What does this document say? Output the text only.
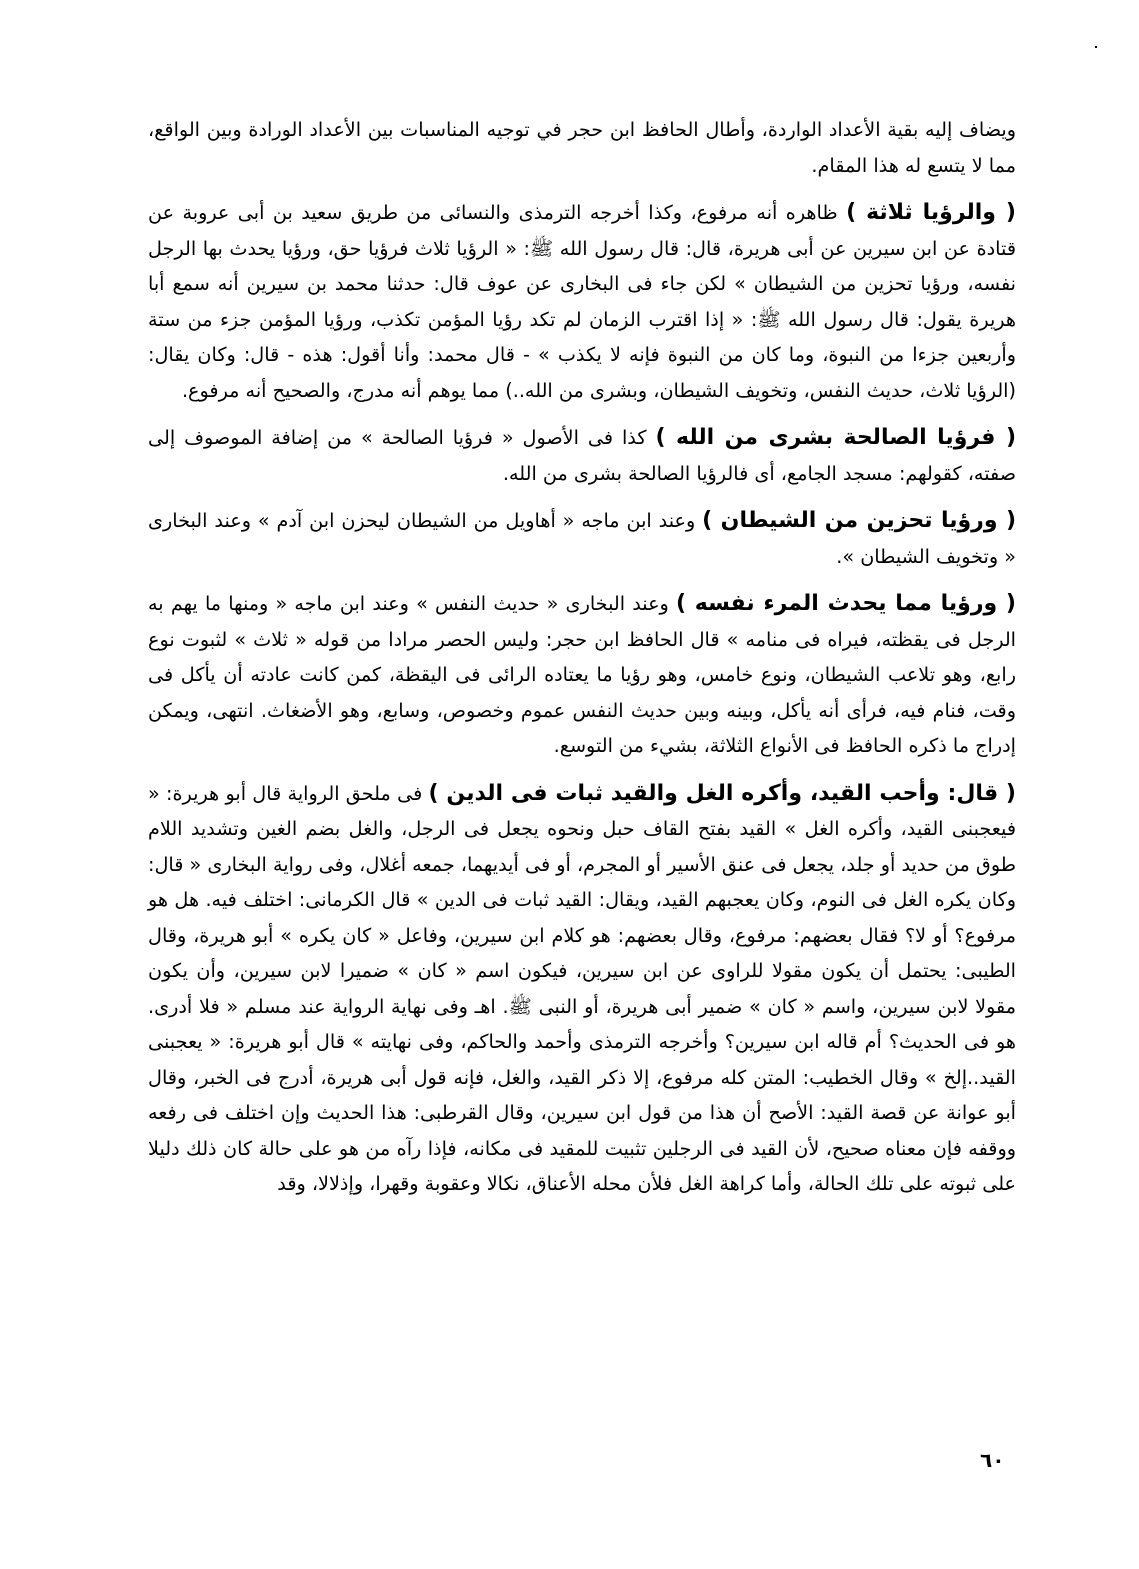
ويضاف إليه بقية الأعداد الواردة، وأطال الحافظ ابن حجر في توجيه المناسبات بين الأعداد الورادة وبين الواقع، مما لا يتسع له هذا المقام.

( والرؤيا ثلاثة ) ظاهره أنه مرفوع، وكذا أخرجه الترمذى والنسائى من طريق سعيد بن أبى عروبة عن قتادة عن ابن سيرين عن أبى هريرة، قال: قال رسول الله ﷺ: « الرؤيا ثلاث فرؤيا حق، ورؤيا يحدث بها الرجل نفسه، ورؤيا تحزين من الشيطان » لكن جاء فى البخارى عن عوف قال: حدثنا محمد بن سيرين أنه سمع أبا هريرة يقول: قال رسول الله ﷺ: « إذا اقترب الزمان لم تكد رؤيا المؤمن تكذب، ورؤيا المؤمن جزء من ستة وأربعين جزءا من النبوة، وما كان من النبوة فإنه لا يكذب » - قال محمد: وأنا أقول: هذه - قال: وكان يقال: (الرؤيا ثلاث، حديث النفس، وتخويف الشيطان، وبشرى من الله..) مما يوهم أنه مدرج، والصحيح أنه مرفوع.

( فرؤيا الصالحة بشرى من الله ) كذا فى الأصول « فرؤيا الصالحة » من إضافة الموصوف إلى صفته، كقولهم: مسجد الجامع، أى فالرؤيا الصالحة بشرى من الله.

( ورؤيا تحزين من الشيطان ) وعند ابن ماجه « أهاويل من الشيطان ليحزن ابن آدم » وعند البخارى « وتخويف الشيطان ».

( ورؤيا مما يحدث المرء نفسه ) وعند البخارى « حديث النفس » وعند ابن ماجه « ومنها ما يهم به الرجل فى يقظته، فيراه فى منامه » قال الحافظ ابن حجر: وليس الحصر مرادا من قوله « ثلاث » لثبوت نوع رابع، وهو تلاعب الشيطان، ونوع خامس، وهو رؤيا ما يعتاده الرائى فى اليقظة، كمن كانت عادته أن يأكل فى وقت، فنام فيه، فرأى أنه يأكل، وبينه وبين حديث النفس عموم وخصوص، وسابع، وهو الأضغاث. انتهى، ويمكن إدراج ما ذكره الحافظ فى الأنواع الثلاثة، بشيء من التوسع.

( قال: وأحب القيد، وأكره الغل والقيد ثبات فى الدين ) فى ملحق الرواية قال أبو هريرة: « فيعجبنى القيد، وأكره الغل » القيد بفتح القاف حبل ونحوه يجعل فى الرجل، والغل بضم الغين وتشديد اللام طوق من حديد أو جلد، يجعل فى عنق الأسير أو المجرم، أو فى أيديهما، جمعه أغلال، وفى رواية البخارى « قال: وكان يكره الغل فى النوم، وكان يعجبهم القيد، ويقال: القيد ثبات فى الدين » قال الكرمانى: اختلف فيه. هل هو مرفوع؟ أو لا؟ فقال بعضهم: مرفوع، وقال بعضهم: هو كلام ابن سيرين، وفاعل « كان يكره » أبو هريرة، وقال الطيبى: يحتمل أن يكون مقولا للراوى عن ابن سيرين، فيكون اسم « كان » ضميرا لابن سيرين، وأن يكون مقولا لابن سيرين، واسم « كان » ضمير أبى هريرة، أو النبى ﷺ. اهـ وفى نهاية الرواية عند مسلم « فلا أدرى. هو فى الحديث؟ أم قاله ابن سيرين؟ وأخرجه الترمذى وأحمد والحاكم، وفى نهايته » قال أبو هريرة: « يعجبنى القيد..إلخ » وقال الخطيب: المتن كله مرفوع، إلا ذكر القيد، والغل، فإنه قول أبى هريرة، أدرج فى الخبر، وقال أبو عوانة عن قصة القيد: الأصح أن هذا من قول ابن سيرين، وقال القرطبى: هذا الحديث وإن اختلف فى رفعه ووقفه فإن معناه صحيح، لأن القيد فى الرجلين تثبيت للمقيد فى مكانه، فإذا رآه من هو على حالة كان ذلك دليلا على ثبوته على تلك الحالة، وأما كراهة الغل فلأن محله الأعناق، نكالا وعقوبة وقهرا، وإذلالا، وقد

٦٠
